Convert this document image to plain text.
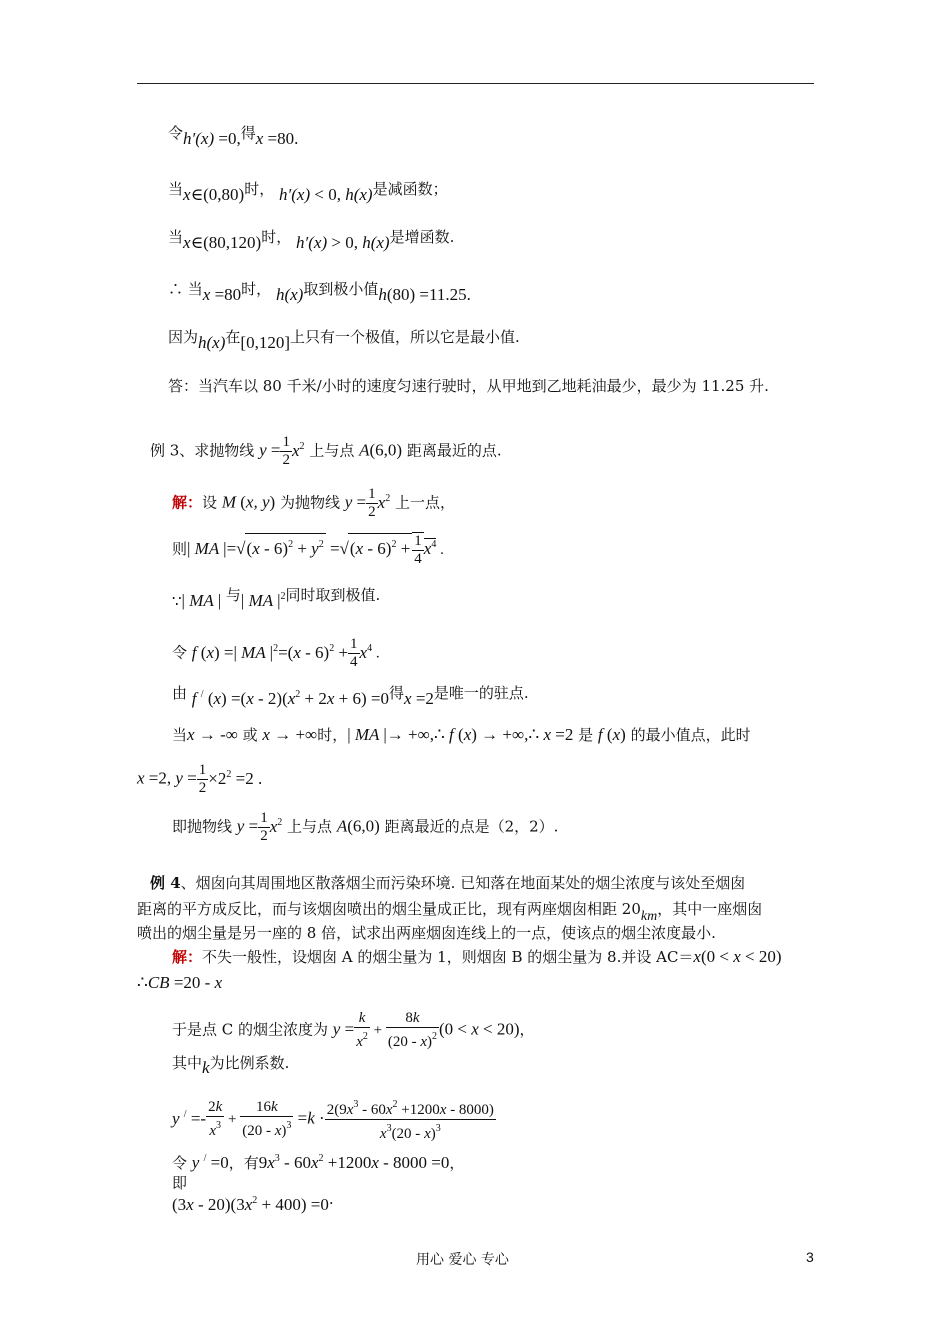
令h′(x) =0,得x =80.
当x∈(0,80)时， h′(x) < 0, h(x)是减函数；
当x∈(80,120)时， h′(x) > 0, h(x)是增函数.
∴ 当x =80时， h(x)取到极小值h(80) =11.25.
因为h(x)在[0,120]上只有一个极值，所以它是最小值.
答：当汽车以 80 千米/小时的速度匀速行驶时，从甲地到乙地耗油最少，最少为 11.25 升.
例 3、求抛物线 $y = \frac{1}{2} x^2$ 上与点 A(6,0) 距离最近的点.
解：设 M (x, y) 为抛物线 $y = \frac{1}{2} x^2$ 上一点，
则| MA $|=√(x - 6)^2 + y^2 =√(x - 6)^2 + \frac{1}{4} x^4$ .
∵| MA | 与| MA $|^2$同时取到极值.
令 f (x) =| MA $|^2=(x - 6)^2 + \frac{1}{4} x^4$ .
由 f / $(x) =(x - 2)(x^2 + 2x + 6) =0$得x =2是唯一的驻点.
当x → -∞ 或 x → +∞时，| MA |→ +∞,∴ f (x) → +∞,∴ x =2 是 f (x) 的最小值点，此时
x =2, $y = \frac{1}{2} \times 2^2 =2$ .
即抛物线 $y = \frac{1}{2} x^2$ 上与点 A(6,0) 距离最近的点是（2，2）.
例 4、烟囱向其周围地区散落烟尘而污染环境. 已知落在地面某处的烟尘浓度与该处至烟囱
距离的平方成反比，而与该烟囱喷出的烟尘量成正比，现有两座烟囱相距 20km，其中一座烟囱
喷出的烟尘量是另一座的 8 倍，试求出两座烟囱连线上的一点，使该点的烟尘浓度最小.
解：不失一般性，设烟囱 A 的烟尘量为 1，则烟囱 B 的烟尘量为 8.并设 AC＝x(0 < x < 20)
∴CB =20 - x
于是点 C 的烟尘浓度为 $y = \frac{k}{x^2} + \frac{8k}{(20 - x)^2} (0 < x < 20)$，
其中k为比例系数.
y $^/ =- \frac{2k}{x^3} + \frac{16k}{(20 - x)^3} =k \cdot \frac{2(9x^3 - 60x^2 +1200x - 8000)}{x^3(20 - x)^3}$
令 y / =0，有$9x^3 - 60x^2 +1200x - 8000 =0$，
即
$(3x - 20)(3x^2 + 400) =0$.
用心 爱心 专心	3
